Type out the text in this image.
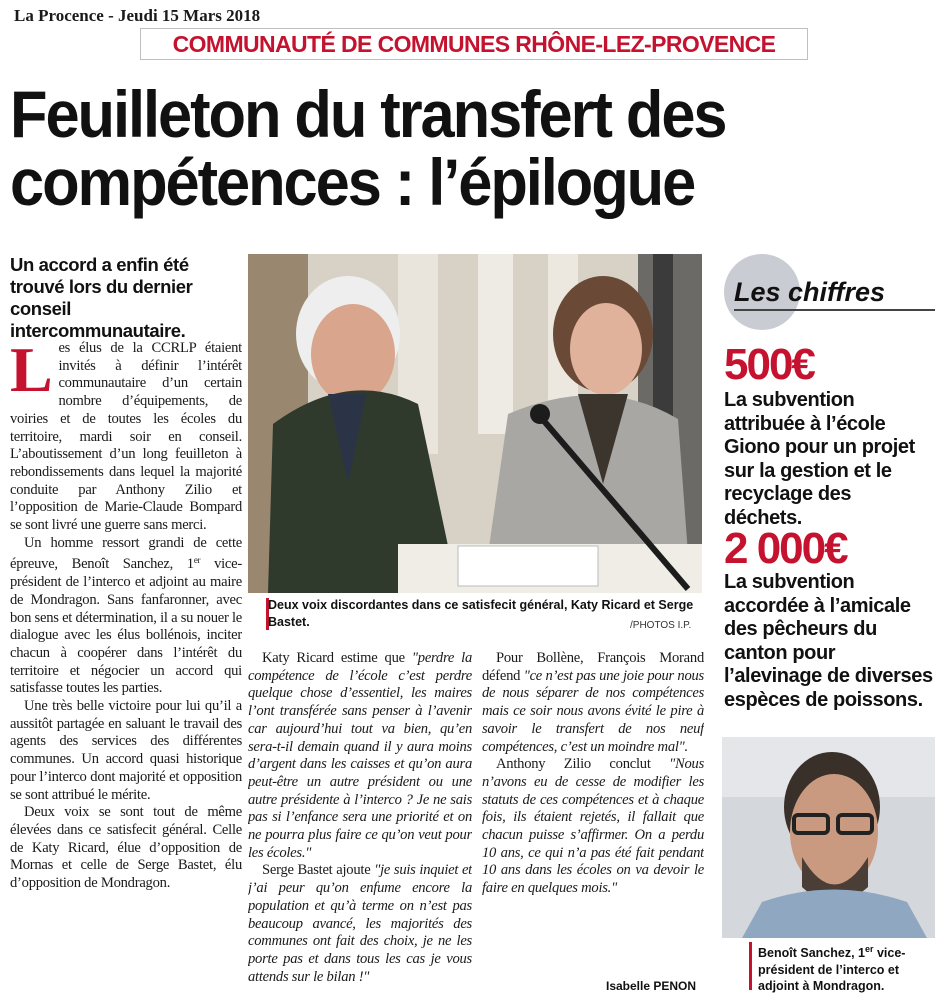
La Procence - Jeudi 15 Mars 2018
COMMUNAUTÉ DE COMMUNES RHÔNE-LEZ-PROVENCE
Feuilleton du transfert des
compétences : l’épilogue
Un accord a enfin été trouvé lors du dernier conseil intercommunautaire.

Les élus de la CCRLP étaient invités à définir l’intérêt communautaire d’un certain nombre d’équipements, de voiries et de toutes les écoles du territoire, mardi soir en conseil. L’aboutissement d’un long feuilleton à rebondissements dans lequel la majorité conduite par Anthony Zilio et l’opposition de Marie-Claude Bompard se sont livré une guerre sans merci.

Un homme ressort grandi de cette épreuve, Benoît Sanchez, 1er vice-président de l’interco et adjoint au maire de Mondragon. Sans fanfaronner, avec bon sens et détermination, il a su nouer le dialogue avec les élus bollénois, inciter chacun à coopérer dans l’intérêt du territoire et négocier un accord qui satisfasse toutes les parties.

Une très belle victoire pour lui qu’il a aussitôt partagée en saluant le travail des agents des services des différentes communes. Un accord quasi historique pour l’interco dont majorité et opposition se sont attribué le mérite.

Deux voix se sont tout de même élevées dans ce satisfecit général. Celle de Katy Ricard, élue d’opposition de Mornas et celle de Serge Bastet, élu d’opposition de Mondragon.

Deux voix discordantes dans ce satisfecit général, Katy Ricard et Serge Bastet.	/PHOTOS I.P.

Katy Ricard estime que "perdre la compétence de l’école c’est perdre quelque chose d’essentiel, les maires l’ont transférée sans penser à l’avenir car aujourd’hui tout va bien, qu’en sera-t-il demain quand il y aura moins d’argent dans les caisses et qu’on aura peut-être un autre président ou une autre présidente à l’interco ? Je ne sais pas si l’enfance sera une priorité et on ne pourra plus faire ce qu’on veut pour les écoles."

Serge Bastet ajoute "je suis inquiet et j’ai peur qu’on enfume encore la population et qu’à terme on n’est pas beaucoup avancé, les majorités des communes ont fait des choix, je ne les porte pas et dans tous les cas je vous attends sur le bilan !"

Pour Bollène, François Morand défend "ce n’est pas une joie pour nous de nous séparer de nos compétences mais ce soir nous avons évité le pire à savoir le transfert de nos neuf compétences, c’est un moindre mal".

Anthony Zilio conclut "Nous n’avons eu de cesse de modifier les statuts de ces compétences et à chaque fois, ils étaient rejetés, il fallait que chacun puisse s’affirmer. On a perdu 10 ans, ce qui n’a pas été fait pendant 10 ans dans les écoles on va devoir le faire en quelques mois."

Isabelle PENON
Les chiffres
500€
La subvention attribuée à l’école Giono pour un projet sur la gestion et le recyclage des déchets.
2 000€
La subvention accordée à l’amicale des pêcheurs du canton pour l’alevinage de diverses espèces de poissons.
Benoît Sanchez, 1er vice-président de l’interco et adjoint à Mondragon.
